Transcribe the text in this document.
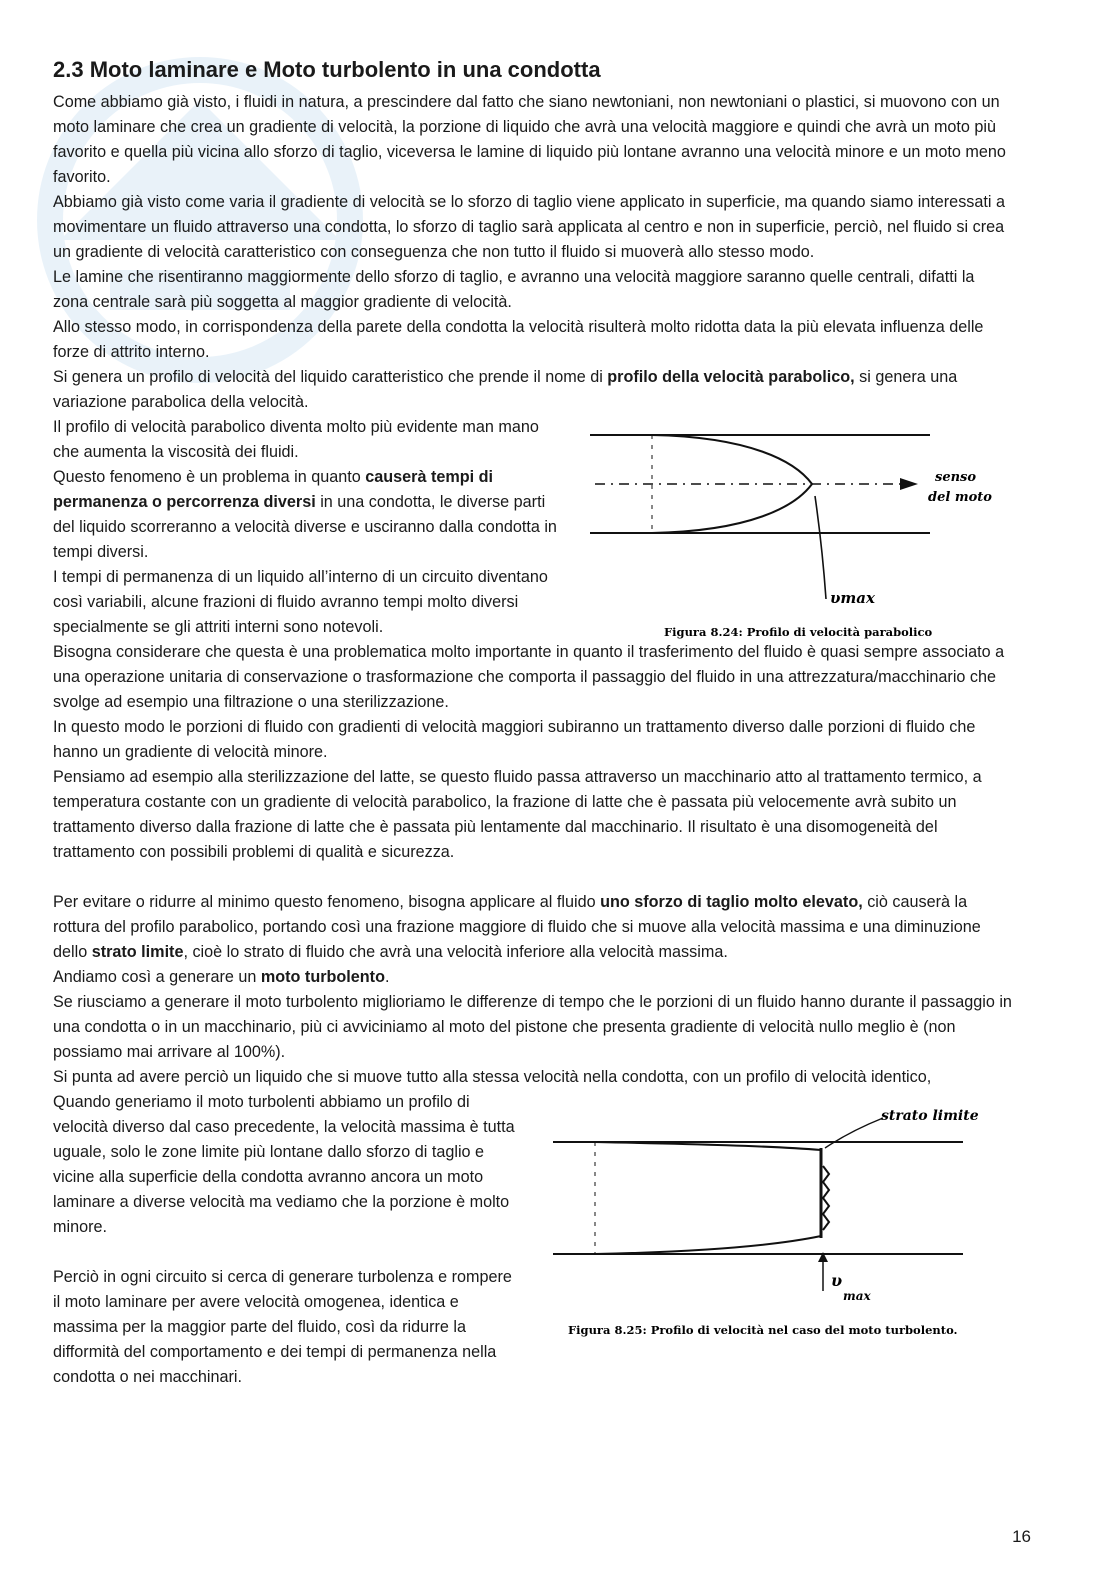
2.3 Moto laminare e Moto turbolento in una condotta

Come abbiamo già visto, i fluidi in natura, a prescindere dal fatto che siano newtoniani, non newtoniani o plastici, si muovono con un moto laminare che crea un gradiente di velocità, la porzione di liquido che avrà una velocità maggiore e quindi che avrà un moto più favorito e quella più vicina allo sforzo di taglio, viceversa le lamine di liquido più lontane avranno una velocità minore e un moto meno favorito.

Abbiamo già visto come varia il gradiente di velocità se lo sforzo di taglio viene applicato in superficie, ma quando siamo interessati a movimentare un fluido attraverso una condotta, lo sforzo di taglio sarà applicata al centro e non in superficie, perciò, nel fluido si crea un gradiente di velocità caratteristico con conseguenza che non tutto il fluido si muoverà allo stesso modo.

Le lamine che risentiranno maggiormente dello sforzo di taglio, e avranno una velocità maggiore saranno quelle centrali, difatti la zona centrale sarà più soggetta al maggior gradiente di velocità.

Allo stesso modo, in corrispondenza della parete della condotta la velocità risulterà molto ridotta data la più elevata influenza delle forze di attrito interno.

Si genera un profilo di velocità del liquido caratteristico che prende il nome di profilo della velocità parabolico, si genera una variazione parabolica della velocità.

Il profilo di velocità parabolico diventa molto più evidente man mano che aumenta la viscosità dei fluidi.

Questo fenomeno è un problema in quanto causerà tempi di permanenza o percorrenza diversi in una condotta, le diverse parti del liquido scorreranno a velocità diverse e usciranno dalla condotta in tempi diversi.

I tempi di permanenza di un liquido all’interno di un circuito diventano così variabili, alcune frazioni di fluido avranno tempi molto diversi specialmente se gli attriti interni sono notevoli.

senso
del moto
υmax
Figura 8.24: Profilo di velocità parabolico

Bisogna considerare che questa è una problematica molto importante in quanto il trasferimento del fluido è quasi sempre associato a una operazione unitaria di conservazione o trasformazione che comporta il passaggio del fluido in una attrezzatura/macchinario che svolge ad esempio una filtrazione o una sterilizzazione.

In questo modo le porzioni di fluido con gradienti di velocità maggiori subiranno un trattamento diverso dalle porzioni di fluido che hanno un gradiente di velocità minore.

Pensiamo ad esempio alla sterilizzazione del latte, se questo fluido passa attraverso un macchinario atto al trattamento termico, a temperatura costante con un gradiente di velocità parabolico, la frazione di latte che è passata più velocemente avrà subito un trattamento diverso dalla frazione di latte che è passata più lentamente dal macchinario. Il risultato è una disomogeneità del trattamento con possibili problemi di qualità e sicurezza.

Per evitare o ridurre al minimo questo fenomeno, bisogna applicare al fluido uno sforzo di taglio molto elevato, ciò causerà la rottura del profilo parabolico, portando così una frazione maggiore di fluido che si muove alla velocità massima e una diminuzione dello strato limite, cioè lo strato di fluido che avrà una velocità inferiore alla velocità massima.

Andiamo così a generare un moto turbolento.

Se riusciamo a generare il moto turbolento miglioriamo le differenze di tempo che le porzioni di un fluido hanno durante il passaggio in una condotta o in un macchinario, più ci avviciniamo al moto del pistone che presenta gradiente di velocità nullo meglio è (non possiamo mai arrivare al 100%).

Si punta ad avere perciò un liquido che si muove tutto alla stessa velocità nella condotta, con un profilo di velocità identico,

Quando generiamo il moto turbolenti abbiamo un profilo di velocità diverso dal caso precedente, la velocità massima è tutta uguale, solo le zone limite più lontane dallo sforzo di taglio e vicine alla superficie della condotta avranno ancora un moto laminare a diverse velocità ma vediamo che la porzione è molto minore.

Perciò in ogni circuito si cerca di generare turbolenza e rompere il moto laminare per avere velocità omogenea, identica e massima per la maggior parte del fluido, così da ridurre la difformità del comportamento e dei tempi di permanenza nella condotta o nei macchinari.

strato limite
υ
max
Figura 8.25: Profilo di velocità nel caso del moto turbolento.
16
